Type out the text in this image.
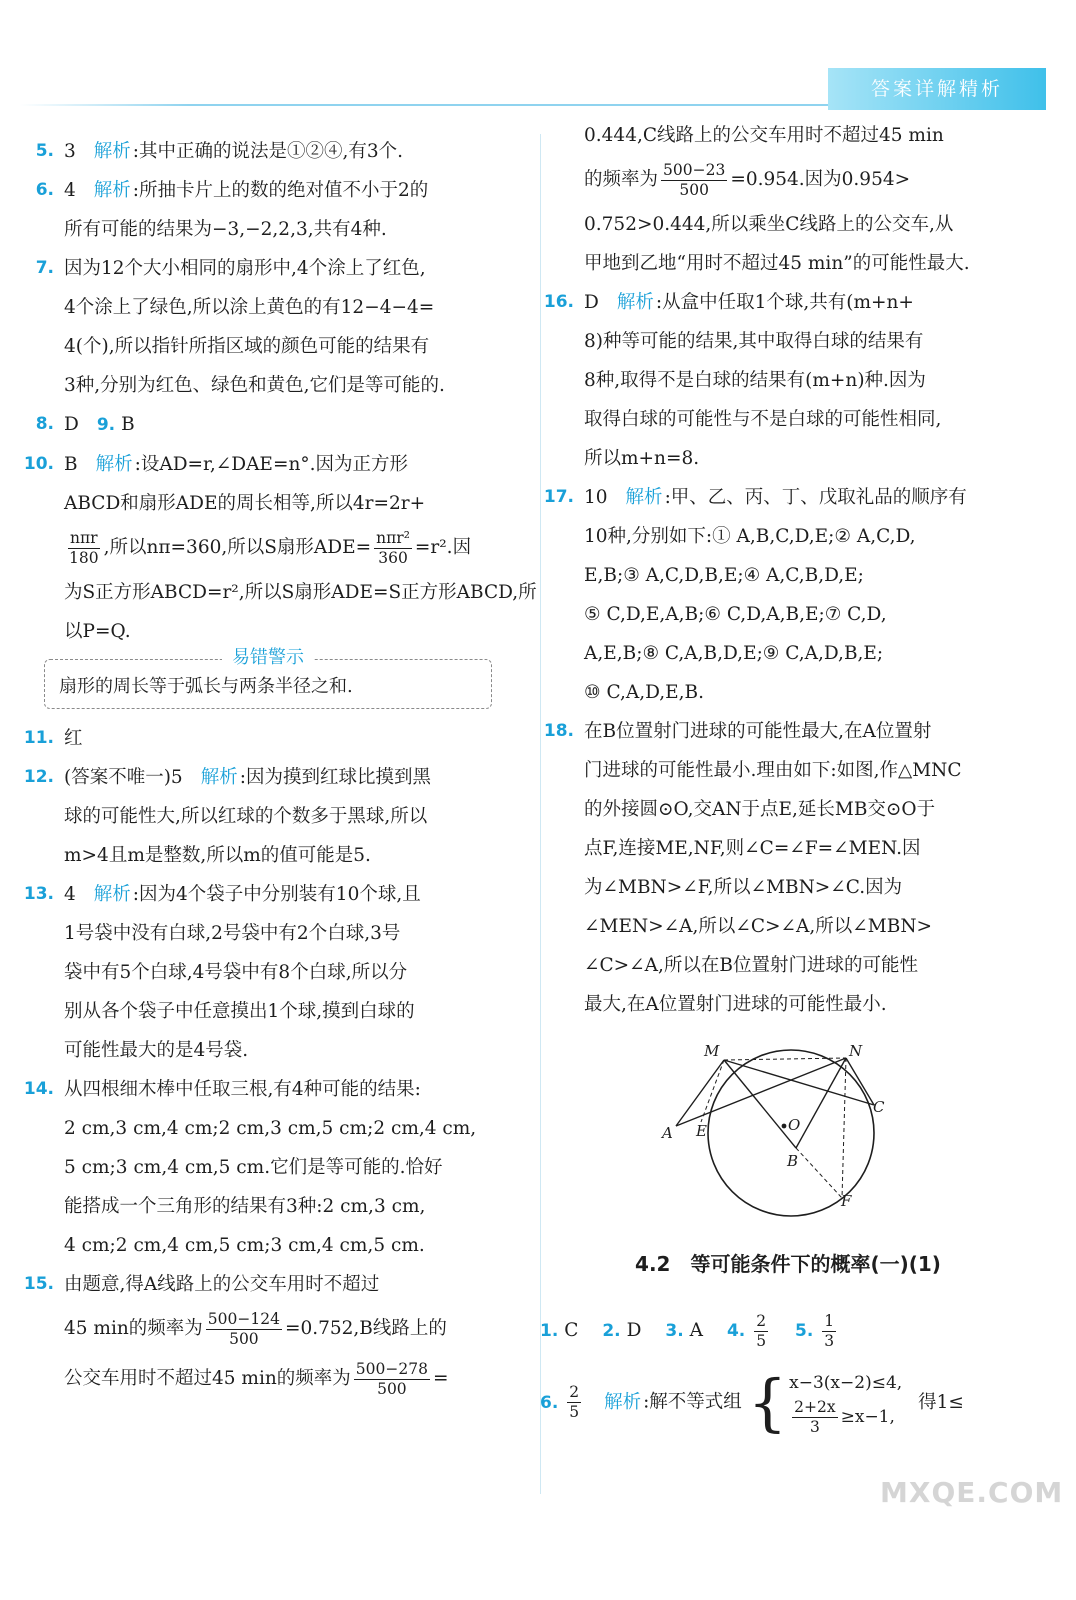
答案详解精析
5. 3 解析 :其中正确的说法是①②④,有3个.
6. 4 解析 :所抽卡片上的数的绝对值不小于2的
所有可能的结果为−3,−2,2,3,共有4种.
7. 因为12个大小相同的扇形中,4个涂上了红色,
4个涂上了绿色,所以涂上黄色的有12−4−4=
4(个),所以指针所指区域的颜色可能的结果有
3种,分别为红色、绿色和黄色,它们是等可能的.
8. D 9. B
10. B 解析 :设AD=r,∠DAE=n°.因为正方形
ABCD和扇形ADE的周长相等,所以4r=2r+
$\frac{\text{nπr}}{180}$ ,所以nπ=360,所以S扇形$ADE= \frac{\text{nπr²}}{360} =r^2$.因
为S正方形ABCD=r²,所以S扇形ADE=S正方形ABCD,所
以P=Q.
易错警示
扇形的周长等于弧长与两条半径之和.
11. 红
12. (答案不唯一)5 解析 :因为摸到红球比摸到黑
球的可能性大,所以红球的个数多于黑球,所以
m>4且m是整数,所以m的值可能是5.
13. 4 解析 :因为4个袋子中分别装有10个球,且
1号袋中没有白球,2号袋中有2个白球,3号
袋中有5个白球,4号袋中有8个白球,所以分
别从各个袋子中任意摸出1个球,摸到白球的
可能性最大的是4号袋.
14. 从四根细木棒中任取三根,有4种可能的结果:
2 cm,3 cm,4 cm;2 cm,3 cm,5 cm;2 cm,4 cm,
5 cm;3 cm,4 cm,5 cm.它们是等可能的.恰好
能搭成一个三角形的结果有3种:2 cm,3 cm,
4 cm;2 cm,4 cm,5 cm;3 cm,4 cm,5 cm.
15. 由题意,得A线路上的公交车用时不超过
45 min的频率为 $\frac{500-124}{500} =0.752,B$线路上的
公交车用时不超过45 min的频率为 $\frac{500-278}{500}$ =
0.444,C线路上的公交车用时不超过45 min
的频率为 $\frac{500-23}{500} =0.954$.因为0.954>
0.752>0.444,所以乘坐C线路上的公交车,从
甲地到乙地“用时不超过45 min”的可能性最大.
16. D 解析 :从盒中任取1个球,共有(m+n+
8)种等可能的结果,其中取得白球的结果有
8种,取得不是白球的结果有(m+n)种.因为
取得白球的可能性与不是白球的可能性相同,
所以m+n=8.
17. 10 解析 :甲、乙、丙、丁、戊取礼品的顺序有
10种,分别如下:① A,B,C,D,E;② A,C,D,
E,B;③ A,C,D,B,E;④ A,C,B,D,E;
⑤ C,D,E,A,B;⑥ C,D,A,B,E;⑦ C,D,
A,E,B;⑧ C,A,B,D,E;⑨ C,A,D,B,E;
⑩ C,A,D,E,B.
18. 在B位置射门进球的可能性最大,在A位置射
门进球的可能性最小.理由如下:如图,作△MNC
的外接圆⊙O,交AN于点E,延长MB交⊙O于
点F,连接ME,NF,则∠C=∠F=∠MEN.因
为∠MBN>∠F,所以∠MBN>∠C.因为
∠MEN>∠A,所以∠C>∠A,所以∠MBN>
∠C>∠A,所以在B位置射门进球的可能性
最大,在A位置射门进球的可能性最小.
M	N
C
A E	O
B
F
4.2　等可能条件下的概率(一)(1)
1. C 2. D 3. A 4. $\frac{2}{5} 5$. $\frac{1}{3}$
6. $\frac{2}{5}$ 解析 :解不等式组 { x−3(x−2)≤4,
$\frac{2+2x}{3} \ge x-1$,
得1≤
MXQE.COM
